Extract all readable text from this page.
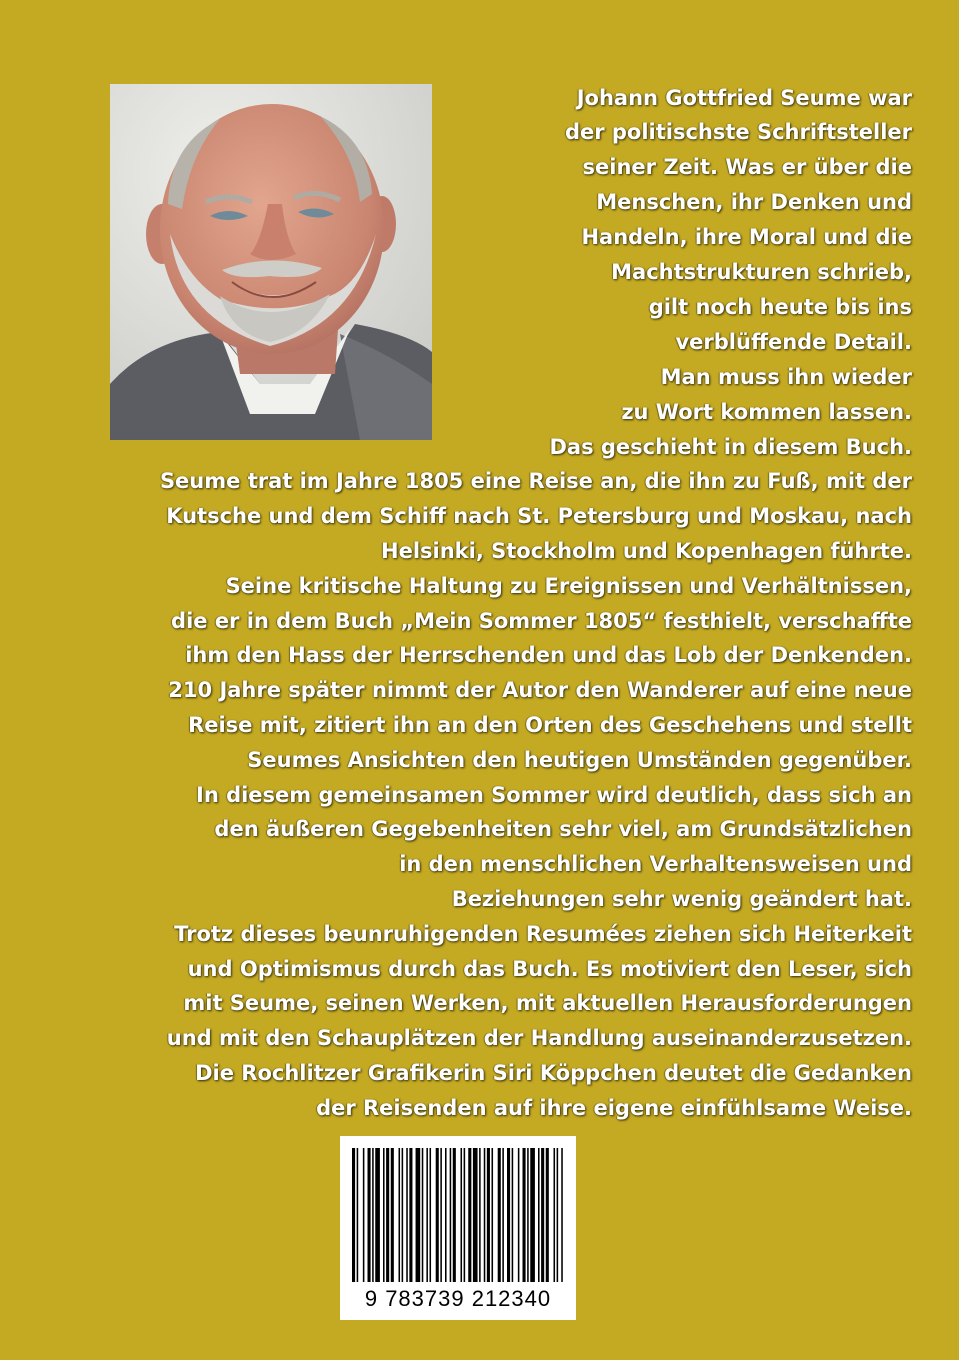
Johann Gottfried Seume war
der politischste Schriftsteller
seiner Zeit. Was er über die
Menschen, ihr Denken und
Handeln, ihre Moral und die
Machtstrukturen schrieb,
gilt noch heute bis ins
verblüffende Detail.
Man muss ihn wieder
zu Wort kommen lassen.
Das geschieht in diesem Buch.
Seume trat im Jahre 1805 eine Reise an, die ihn zu Fuß, mit der
Kutsche und dem Schiff nach St. Petersburg und Moskau, nach
Helsinki, Stockholm und Kopenhagen führte.
Seine kritische Haltung zu Ereignissen und Verhältnissen,
die er in dem Buch „Mein Sommer 1805“ festhielt, verschaffte
ihm den Hass der Herrschenden und das Lob der Denkenden.
210 Jahre später nimmt der Autor den Wanderer auf eine neue
Reise mit, zitiert ihn an den Orten des Geschehens und stellt
Seumes Ansichten den heutigen Umständen gegenüber.
In diesem gemeinsamen Sommer wird deutlich, dass sich an
den äußeren Gegebenheiten sehr viel, am Grundsätzlichen
in den menschlichen Verhaltensweisen und
Beziehungen sehr wenig geändert hat.
Trotz dieses beunruhigenden Resumées ziehen sich Heiterkeit
und Optimismus durch das Buch. Es motiviert den Leser, sich
mit Seume, seinen Werken, mit aktuellen Herausforderungen
und mit den Schauplätzen der Handlung auseinanderzusetzen.
Die Rochlitzer Grafikerin Siri Köppchen deutet die Gedanken
der Reisenden auf ihre eigene einfühlsame Weise.
9 783739 212340
